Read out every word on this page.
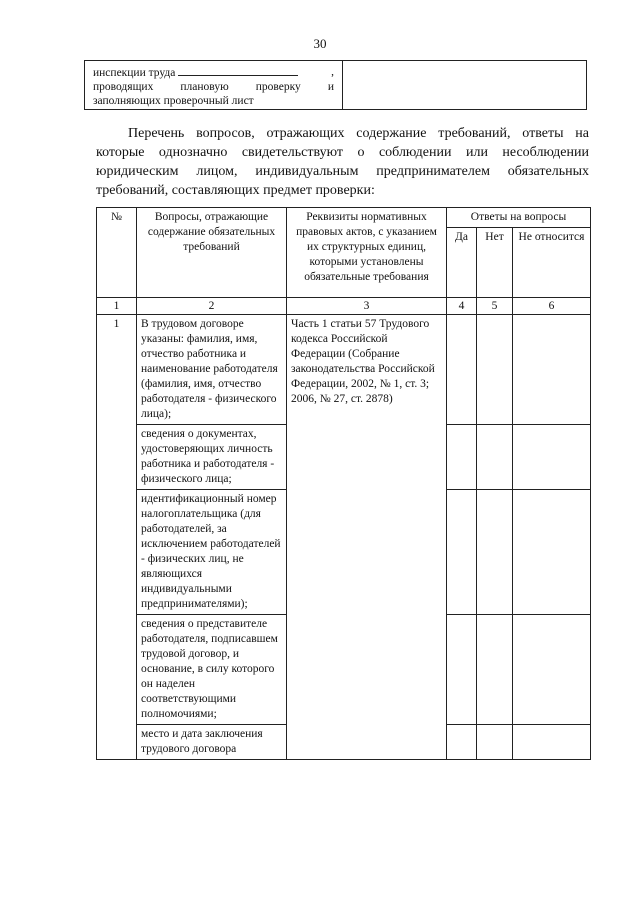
30
инспекции труда	,
проводящих плановую проверку и
заполняющих проверочный лист
Перечень вопросов, отражающих содержание требований, ответы на которые однозначно свидетельствуют о соблюдении или несоблюдении юридическим лицом, индивидуальным предпринимателем обязательных требований, составляющих предмет проверки:
№	Вопросы, отражающие содержание обязательных требований	Реквизиты нормативных правовых актов, с указанием их структурных единиц, которыми установлены обязательные требования	Ответы на вопросы		
			Да	Нет	Не относится
1	2	3	4	5	6
1	В трудовом договоре указаны: фамилия, имя, отчество работника и наименование работодателя (фамилия, имя, отчество работодателя - физического лица);	Часть 1 статьи 57 Трудового кодекса Российской Федерации (Собрание законодательства Российской Федерации, 2002, № 1, ст. 3; 2006, № 27, ст. 2878)			
	сведения о документах, удостоверяющих личность работника и работодателя - физического лица;				
	идентификационный номер налогоплательщика (для работодателей, за исключением работодателей - физических лиц, не являющихся индивидуальными предпринимателями);				
	сведения о представителе работодателя, подписавшем трудовой договор, и основание, в силу которого он наделен соответствующими полномочиями;				
	место и дата заключения трудового договора				
